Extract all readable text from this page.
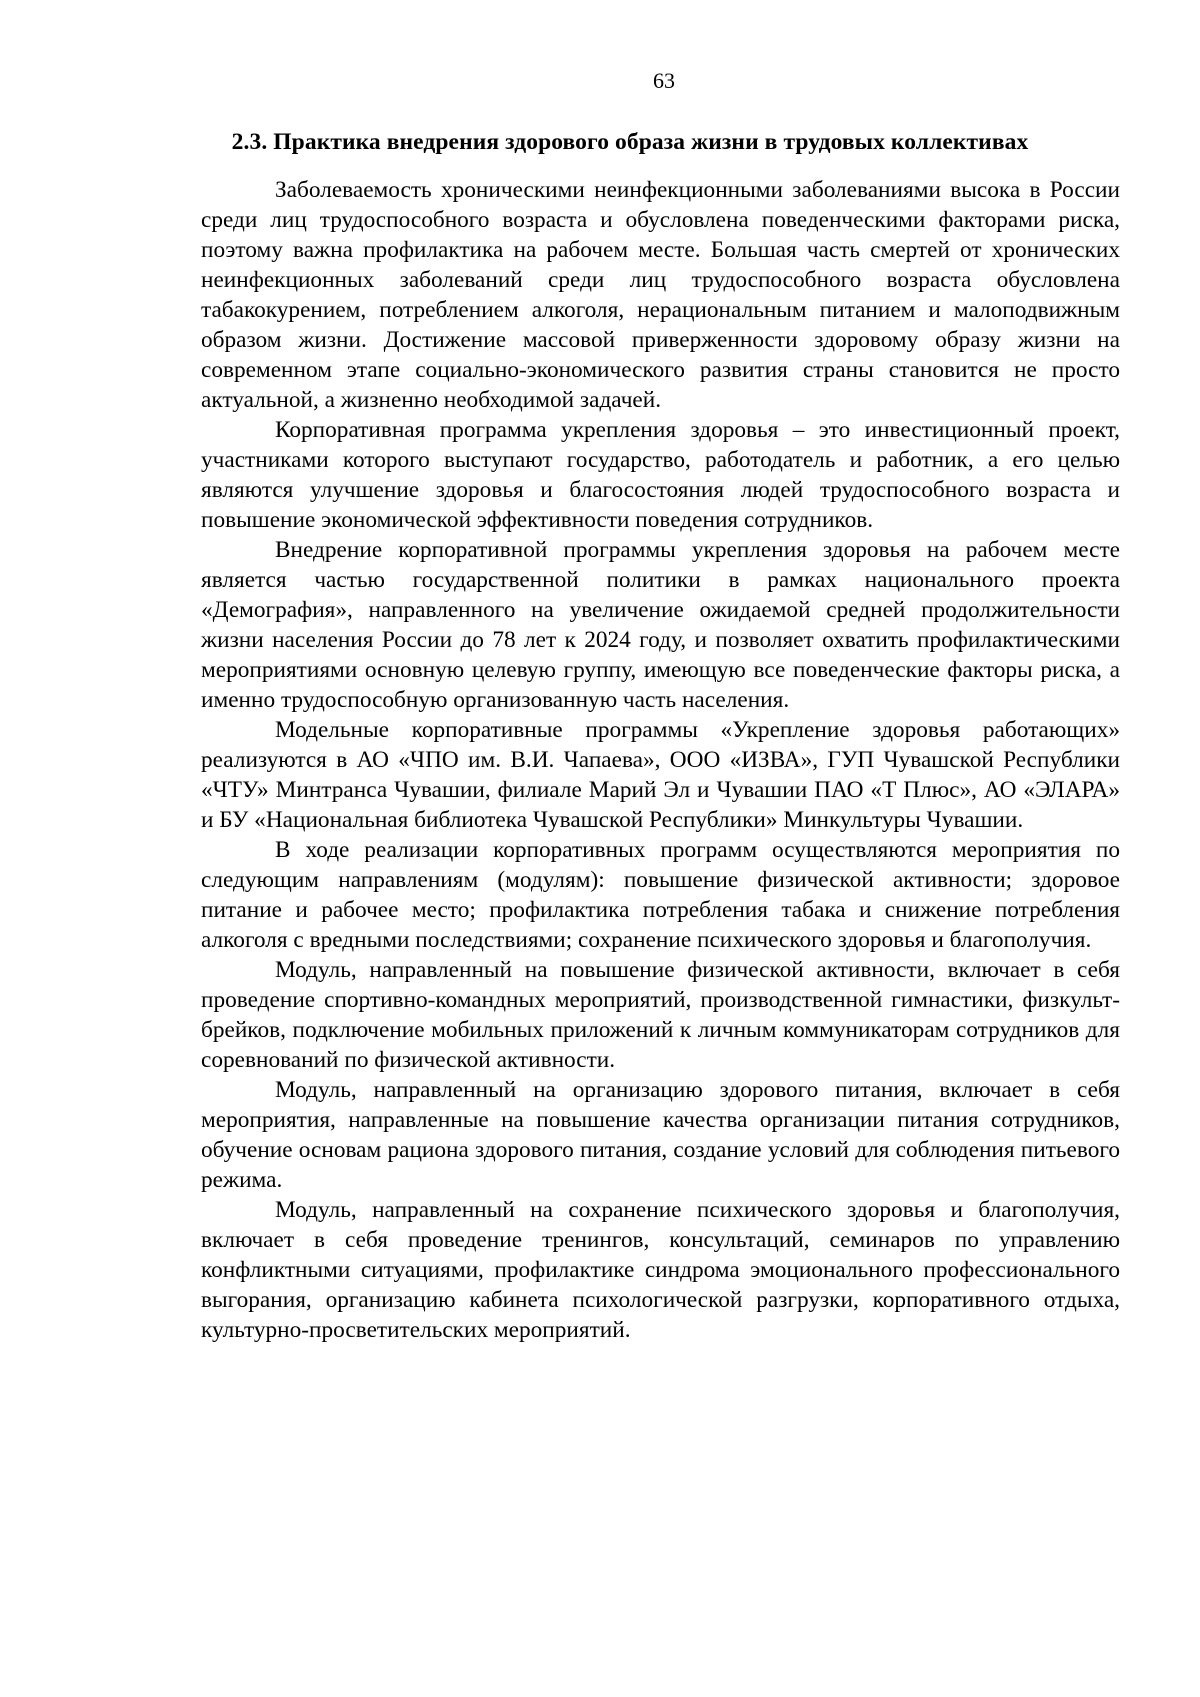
63
2.3. Практика внедрения здорового образа жизни в трудовых коллективах

Заболеваемость хроническими неинфекционными заболеваниями высока в России среди лиц трудоспособного возраста и обусловлена поведенческими факторами риска, поэтому важна профилактика на рабочем месте. Большая часть смертей от хронических неинфекционных заболеваний среди лиц трудоспособного возраста обусловлена табакокурением, потреблением алкоголя, нерациональным питанием и малоподвижным образом жизни. Достижение массовой приверженности здоровому образу жизни на современном этапе социально-экономического развития страны становится не просто актуальной, а жизненно необходимой задачей.

Корпоративная программа укрепления здоровья – это инвестиционный проект, участниками которого выступают государство, работодатель и работник, а его целью являются улучшение здоровья и благосостояния людей трудоспособного возраста и повышение экономической эффективности поведения сотрудников.

Внедрение корпоративной программы укрепления здоровья на рабочем месте является частью государственной политики в рамках национального проекта «Демография», направленного на увеличение ожидаемой средней продолжительности жизни населения России до 78 лет к 2024 году, и позволяет охватить профилактическими мероприятиями основную целевую группу, имеющую все поведенческие факторы риска, а именно трудоспособную организованную часть населения.

Модельные корпоративные программы «Укрепление здоровья работающих» реализуются в АО «ЧПО им. В.И. Чапаева», ООО «ИЗВА», ГУП Чувашской Республики «ЧТУ» Минтранса Чувашии, филиале Марий Эл и Чувашии ПАО «Т Плюс», АО «ЭЛАРА» и БУ «Национальная библиотека Чувашской Республики» Минкультуры Чувашии.

В ходе реализации корпоративных программ осуществляются мероприятия по следующим направлениям (модулям): повышение физической активности; здоровое питание и рабочее место; профилактика потребления табака и снижение потребления алкоголя с вредными последствиями; сохранение психического здоровья и благополучия.

Модуль, направленный на повышение физической активности, включает в себя проведение спортивно-командных мероприятий, производственной гимнастики, физкульт-брейков, подключение мобильных приложений к личным коммуникаторам сотрудников для соревнований по физической активности.

Модуль, направленный на организацию здорового питания, включает в себя мероприятия, направленные на повышение качества организации питания сотрудников, обучение основам рациона здорового питания, создание условий для соблюдения питьевого режима.

Модуль, направленный на сохранение психического здоровья и благополучия, включает в себя проведение тренингов, консультаций, семинаров по управлению конфликтными ситуациями, профилактике синдрома эмоционального профессионального выгорания, организацию кабинета психологической разгрузки, корпоративного отдыха, культурно-просветительских мероприятий.
